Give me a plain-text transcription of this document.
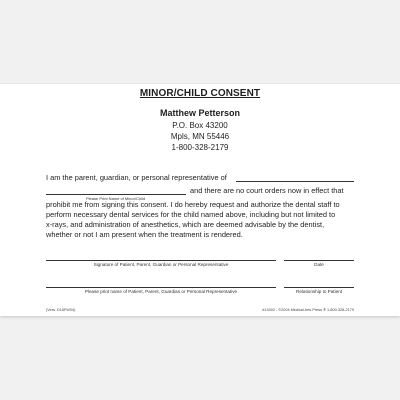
MINOR/CHILD CONSENT
Matthew Petterson
P.O. Box 43200
Mpls, MN 55446
1-800-328-2179
I am the parent, guardian, or personal representative of
Please Print Name of Minor/Child
and there are no court orders now in effect that
prohibit me from signing this consent. I do hereby request and authorize the dental staff to
perform necessary dental services for the child named above, including but not limited to
x-rays, and administration of anesthetics, which are deemed advisable by the dentist,
whether or not I am present when the treatment is rendered.
Signature of Patient, Parent, Guardian or Personal Representative	Date
Please print name of Patient, Parent, Guardian or Personal Representative	Relationship to Patient
(Vers. D15FW04)	#13402 - ©2004 Medical Arts Press ® 1-800-328-2179
